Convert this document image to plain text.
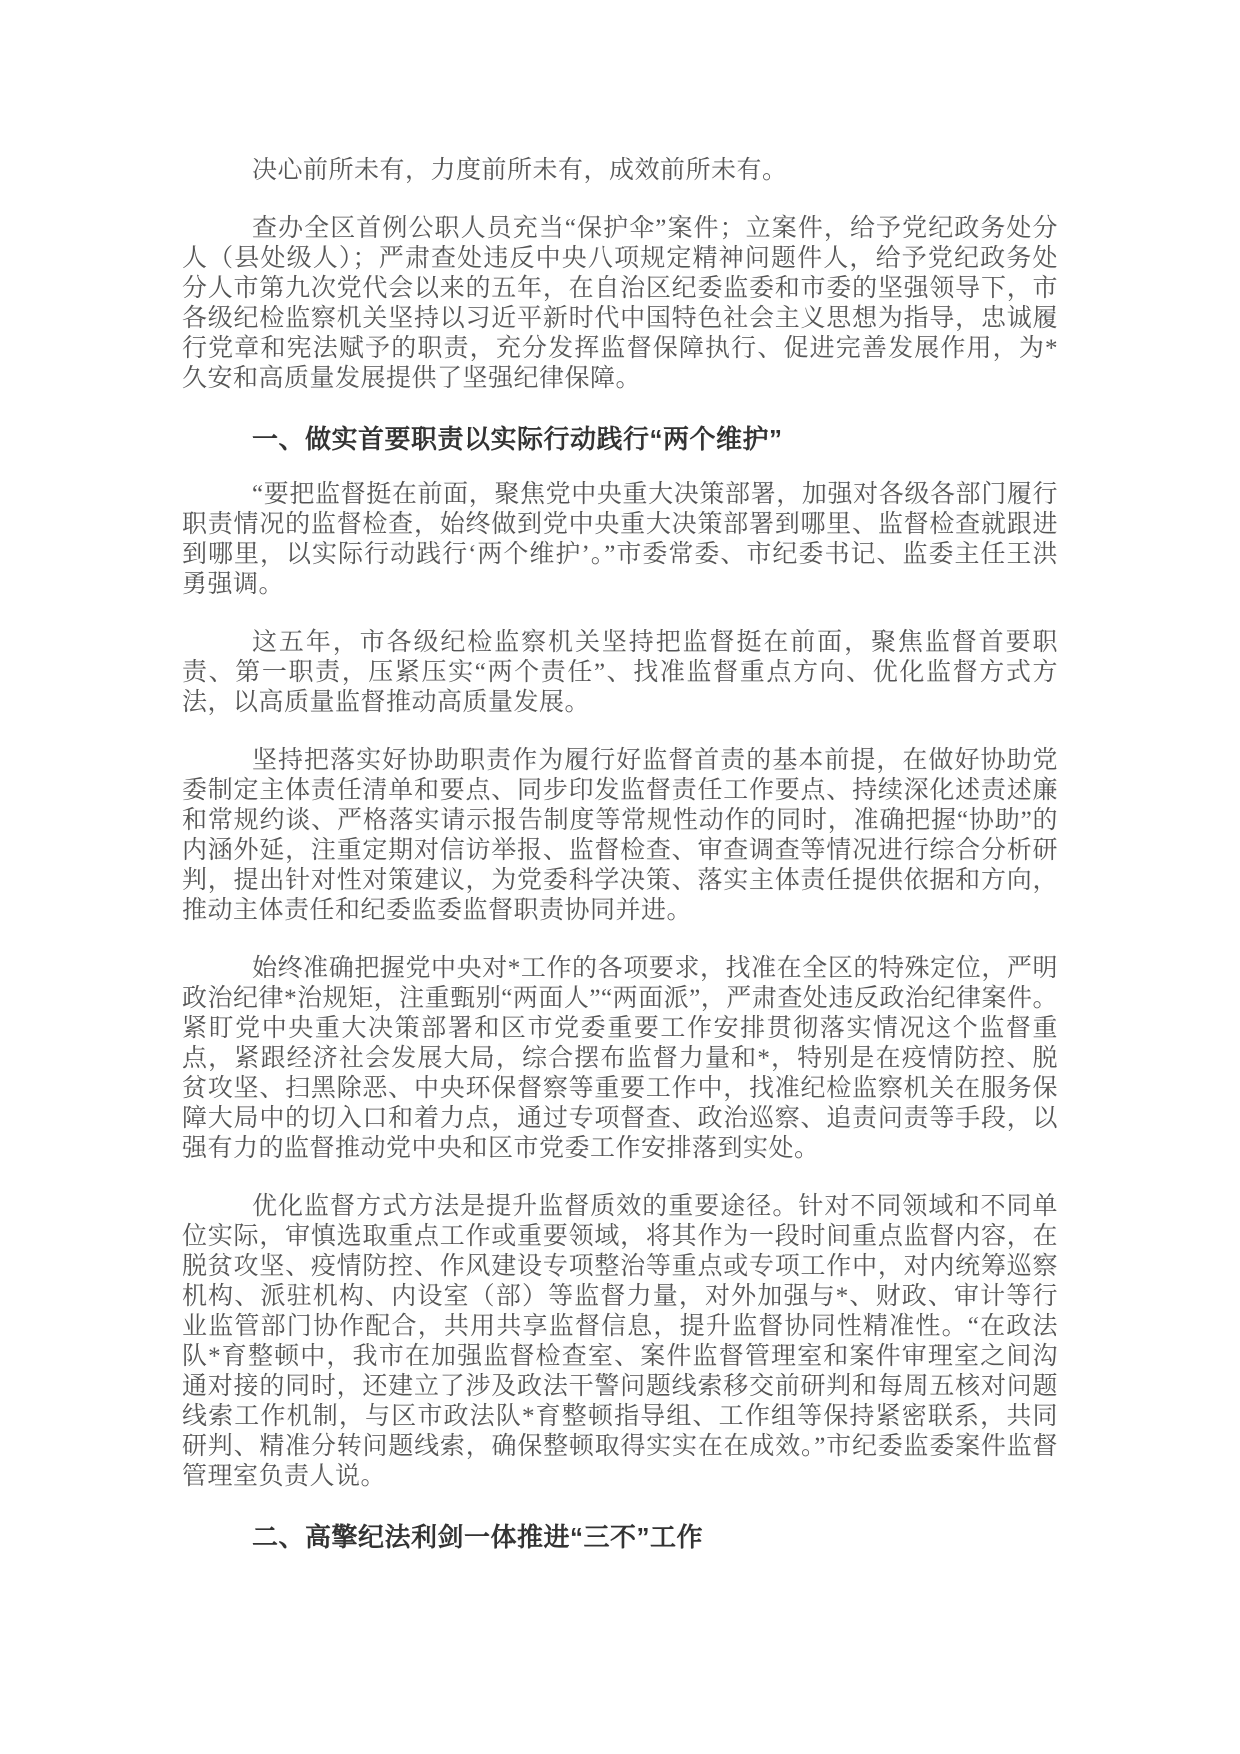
决心前所未有，力度前所未有，成效前所未有。

查办全区首例公职人员充当“保护伞”案件；立案件，给予党纪政务处分人（县处级人）；严肃查处违反中央八项规定精神问题件人，给予党纪政务处分人市第九次党代会以来的五年，在自治区纪委监委和市委的坚强领导下，市各级纪检监察机关坚持以习近平新时代中国特色社会主义思想为指导，忠诚履行党章和宪法赋予的职责，充分发挥监督保障执行、促进完善发展作用，为*久安和高质量发展提供了坚强纪律保障。

一、做实首要职责以实际行动践行“两个维护”

“要把监督挺在前面，聚焦党中央重大决策部署，加强对各级各部门履行职责情况的监督检查，始终做到党中央重大决策部署到哪里、监督检查就跟进到哪里，以实际行动践行‘两个维护’。”市委常委、市纪委书记、监委主任王洪勇强调。

这五年，市各级纪检监察机关坚持把监督挺在前面，聚焦监督首要职责、第一职责，压紧压实“两个责任”、找准监督重点方向、优化监督方式方法，以高质量监督推动高质量发展。

坚持把落实好协助职责作为履行好监督首责的基本前提，在做好协助党委制定主体责任清单和要点、同步印发监督责任工作要点、持续深化述责述廉和常规约谈、严格落实请示报告制度等常规性动作的同时，准确把握“协助”的内涵外延，注重定期对信访举报、监督检查、审查调查等情况进行综合分析研判，提出针对性对策建议，为党委科学决策、落实主体责任提供依据和方向，推动主体责任和纪委监委监督职责协同并进。

始终准确把握党中央对*工作的各项要求，找准在全区的特殊定位，严明政治纪律*治规矩，注重甄别“两面人”“两面派”，严肃查处违反政治纪律案件。紧盯党中央重大决策部署和区市党委重要工作安排贯彻落实情况这个监督重点，紧跟经济社会发展大局，综合摆布监督力量和*，特别是在疫情防控、脱贫攻坚、扫黑除恶、中央环保督察等重要工作中，找准纪检监察机关在服务保障大局中的切入口和着力点，通过专项督查、政治巡察、追责问责等手段，以强有力的监督推动党中央和区市党委工作安排落到实处。

优化监督方式方法是提升监督质效的重要途径。针对不同领域和不同单位实际，审慎选取重点工作或重要领域，将其作为一段时间重点监督内容，在脱贫攻坚、疫情防控、作风建设专项整治等重点或专项工作中，对内统筹巡察机构、派驻机构、内设室（部）等监督力量，对外加强与*、财政、审计等行业监管部门协作配合，共用共享监督信息，提升监督协同性精准性。“在政法队*育整顿中，我市在加强监督检查室、案件监督管理室和案件审理室之间沟通对接的同时，还建立了涉及政法干警问题线索移交前研判和每周五核对问题线索工作机制，与区市政法队*育整顿指导组、工作组等保持紧密联系，共同研判、精准分转问题线索，确保整顿取得实实在在成效。”市纪委监委案件监督管理室负责人说。

二、高擎纪法利剑一体推进“三不”工作
